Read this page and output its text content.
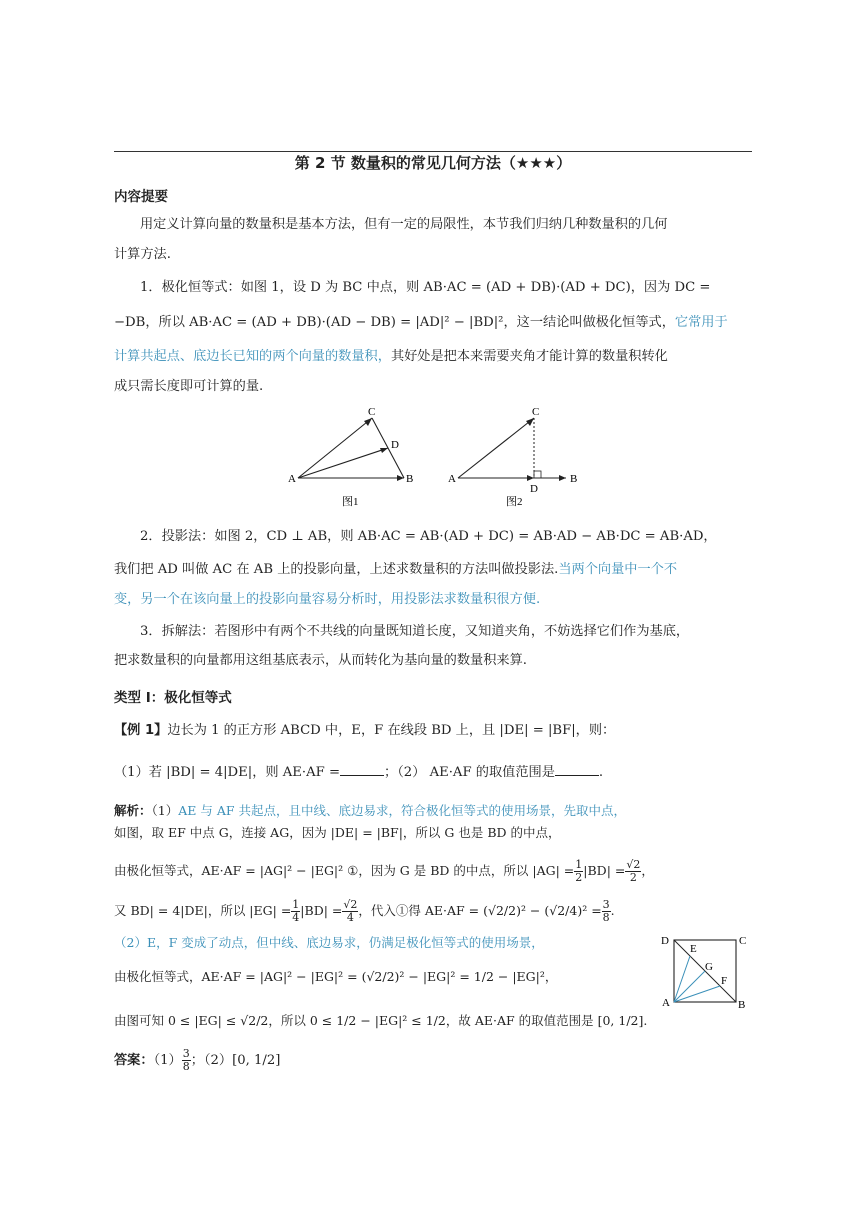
第 2 节 数量积的常见几何方法（★★★）
内容提要
用定义计算向量的数量积是基本方法，但有一定的局限性，本节我们归纳几种数量积的几何
计算方法.
1．极化恒等式：如图 1，设 D 为 BC 中点，则 AB·AC = (AD + DB)·(AD + DC)，因为 DC =
−DB，所以 AB·AC = (AD + DB)·(AD − DB) = |AD|² − |BD|²，这一结论叫做极化恒等式，它常用于
计算共起点、底边长已知的两个向量的数量积，其好处是把本来需要夹角才能计算的数量积转化
成只需长度即可计算的量.
A	B
C
D
图1
A	B
C
D
图2
2．投影法：如图 2，CD ⊥ AB，则 AB·AC = AB·(AD + DC) = AB·AD − AB·DC = AB·AD，
我们把 AD 叫做 AC 在 AB 上的投影向量，上述求数量积的方法叫做投影法.当两个向量中一个不
变，另一个在该向量上的投影向量容易分析时，用投影法求数量积很方便.
3．拆解法：若图形中有两个不共线的向量既知道长度，又知道夹角，不妨选择它们作为基底，
把求数量积的向量都用这组基底表示，从而转化为基向量的数量积来算.
类型 I：极化恒等式
【例 1】边长为 1 的正方形 ABCD 中，E，F 在线段 BD 上，且 |DE| = |BF|，则：
（1）若 |BD| = 4|DE|，则 AE·AF =	；（2） AE·AF 的取值范围是	.
解析：（1）AE 与 AF 共起点，且中线、底边易求，符合极化恒等式的使用场景，先取中点，
如图，取 EF 中点 G，连接 AG，因为 |DE| = |BF|，所以 G 也是 BD 的中点，
由极化恒等式，AE·AF = |AG|² − |EG|² ①，因为 G 是 BD 的中点，所以 $|AG| = \frac{1}{2} |BD| = \frac{√2}{2}$ ，
又 BD| = 4|DE|，所以 $|EG| = \frac{1}{4} |BD| = \frac{√2}{4}$ ，代入①得 $AE\cdot AF = (√2/2)^2 - (√2/4)^2 = \frac{3}{8}$ .
（2）E，F 变成了动点，但中线、底边易求，仍满足极化恒等式的使用场景，
由极化恒等式，AE·AF = |AG|² − |EG|² = (√2/2)² − |EG|² = 1/2 − |EG|²，
由图可知 0 ≤ |EG| ≤ √2/2，所以 0 ≤ 1/2 − |EG|² ≤ 1/2，故 AE·AF 的取值范围是 [0, 1/2].
答案：$(1) \frac{3}{8}$ ；（2）[0, 1/2]
D	C
A	B
E
G
F
